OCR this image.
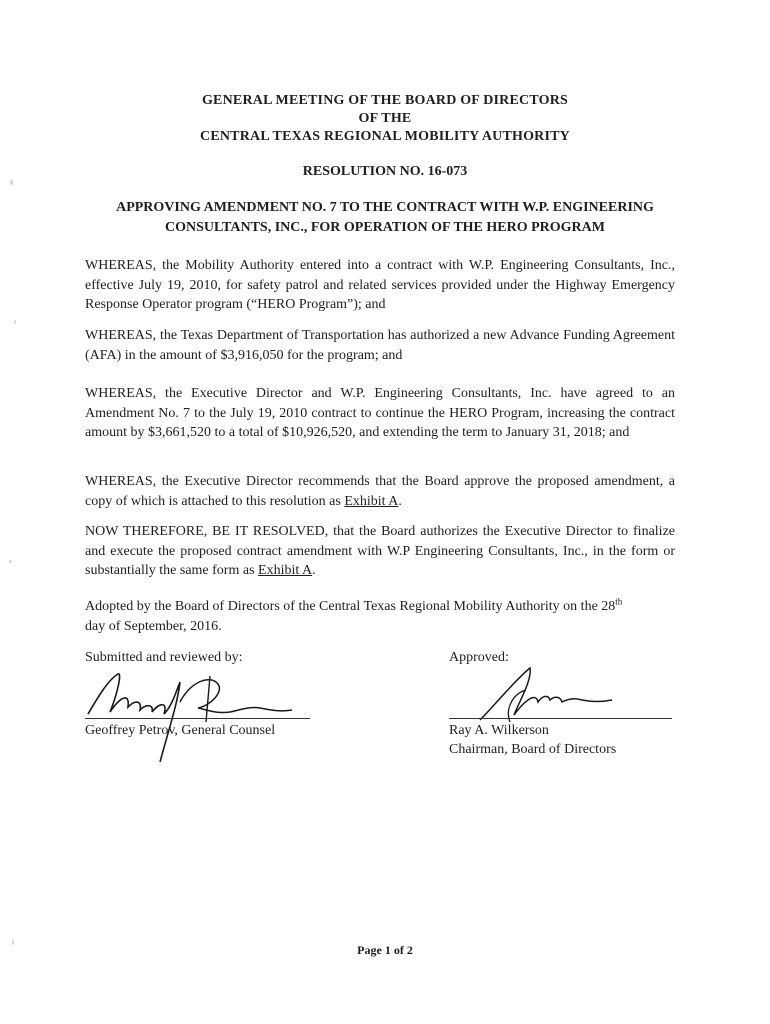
GENERAL MEETING OF THE BOARD OF DIRECTORS
OF THE
CENTRAL TEXAS REGIONAL MOBILITY AUTHORITY
RESOLUTION NO. 16-073
APPROVING AMENDMENT NO. 7 TO THE CONTRACT WITH W.P. ENGINEERING
CONSULTANTS, INC., FOR OPERATION OF THE HERO PROGRAM
WHEREAS, the Mobility Authority entered into a contract with W.P. Engineering Consultants, Inc., effective July 19, 2010, for safety patrol and related services provided under the Highway Emergency Response Operator program (“HERO Program”); and
WHEREAS, the Texas Department of Transportation has authorized a new Advance Funding Agreement (AFA) in the amount of $3,916,050 for the program; and
WHEREAS, the Executive Director and W.P. Engineering Consultants, Inc. have agreed to an Amendment No. 7 to the July 19, 2010 contract to continue the HERO Program, increasing the contract amount by $3,661,520 to a total of $10,926,520, and extending the term to January 31, 2018; and
WHEREAS, the Executive Director recommends that the Board approve the proposed amendment, a copy of which is attached to this resolution as Exhibit A.
NOW THEREFORE, BE IT RESOLVED, that the Board authorizes the Executive Director to finalize and execute the proposed contract amendment with W.P Engineering Consultants, Inc., in the form or substantially the same form as Exhibit A.
Adopted by the Board of Directors of the Central Texas Regional Mobility Authority on the 28th
day of September, 2016.
Submitted and reviewed by:	Approved:
Geoffrey Petrov, General Counsel	Ray A. Wilkerson
Chairman, Board of Directors
Page 1 of 2
